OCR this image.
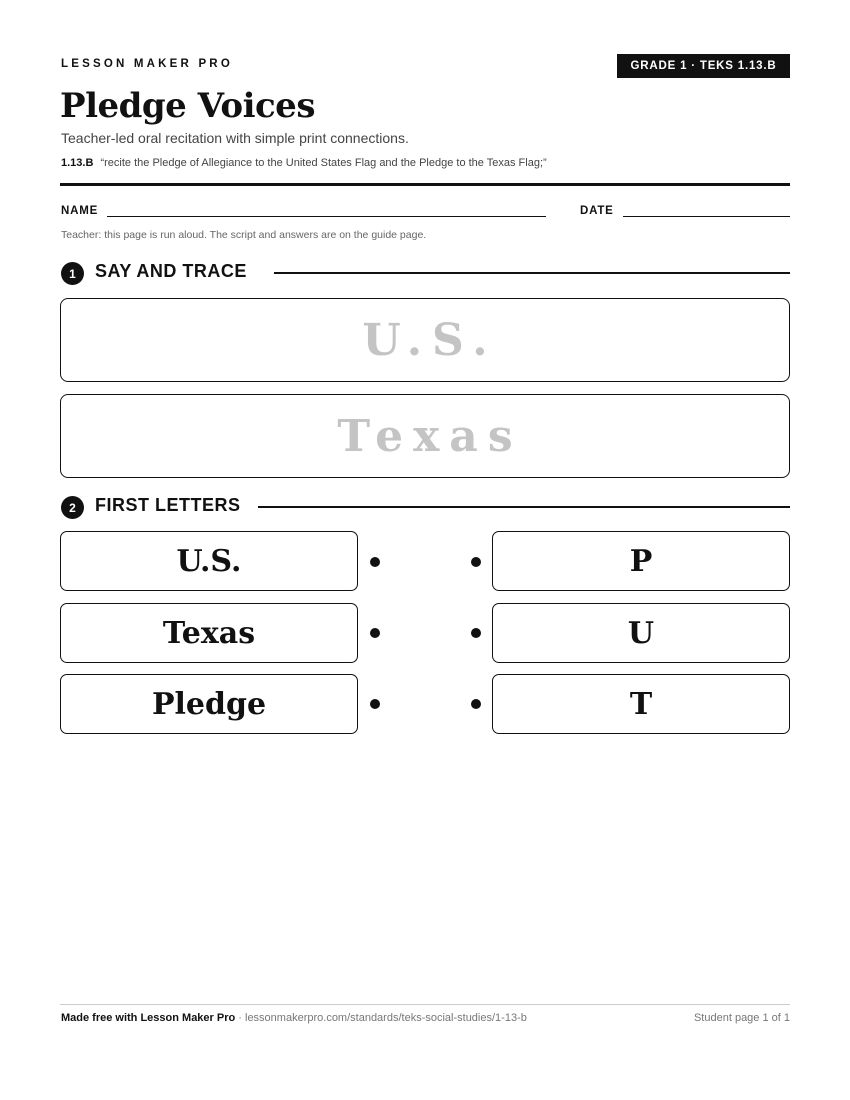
LESSON MAKER PRO	GRADE 1 · TEKS 1.13.B
Pledge Voices
Teacher-led oral recitation with simple print connections.
1.13.B “recite the Pledge of Allegiance to the United States Flag and the Pledge to the Texas Flag;”
NAME	DATE
Teacher: this page is run aloud. The script and answers are on the guide page.
1	SAY AND TRACE
U.S.
Texas
2	FIRST LETTERS
U.S.	P
Texas	U
Pledge	T
Made free with Lesson Maker Pro · lessonmakerpro.com/standards/teks-social-studies/1-13-b	Student page 1 of 1
